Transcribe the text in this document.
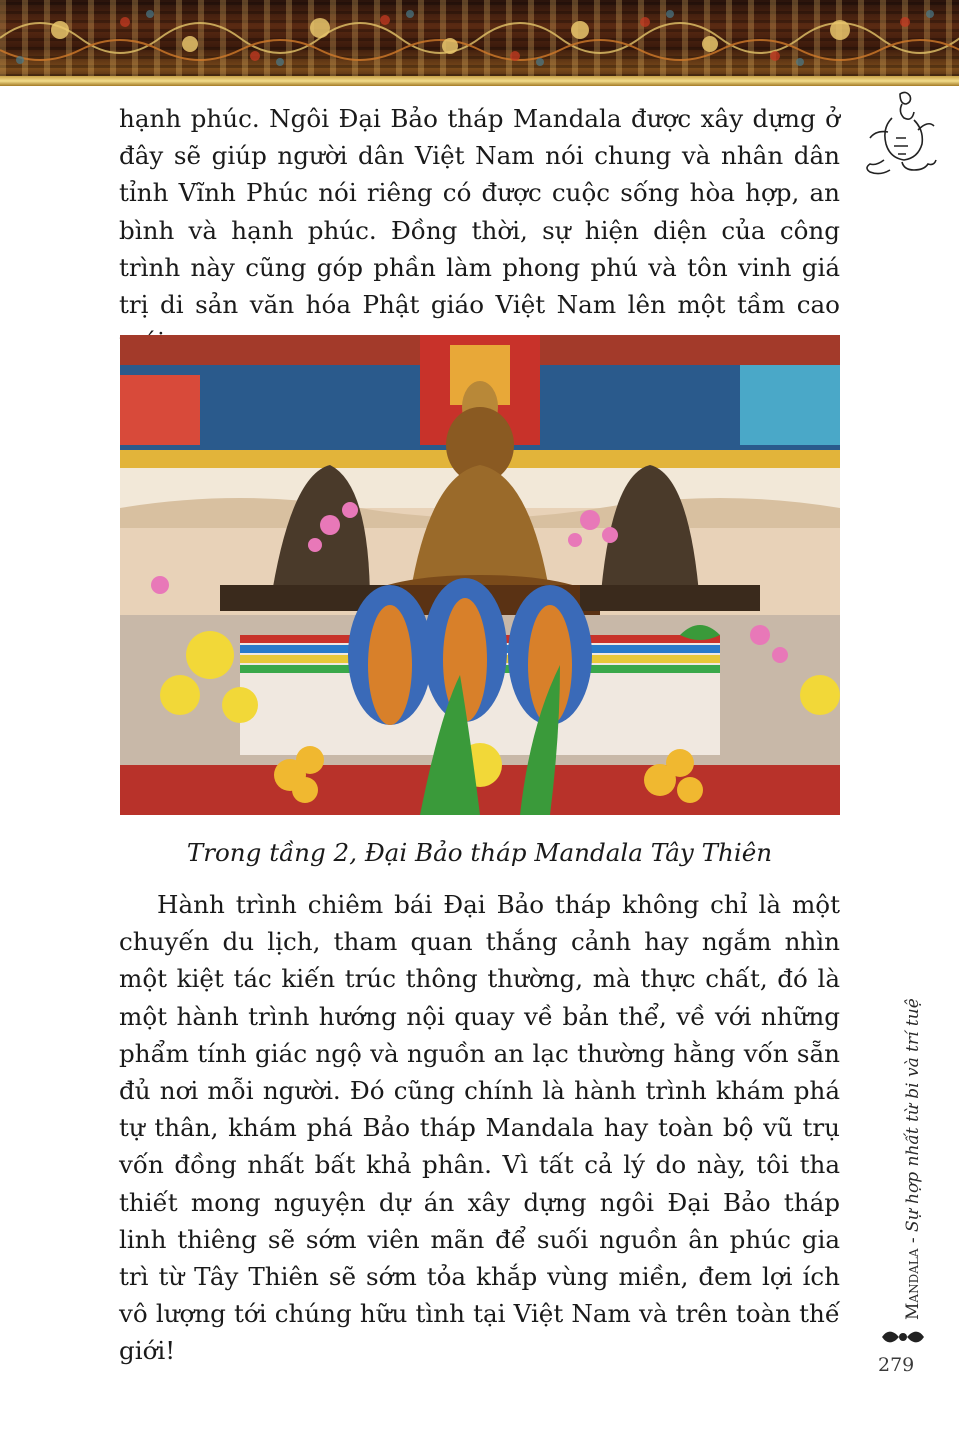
hạnh phúc. Ngôi Đại Bảo tháp Mandala được xây dựng ở đây sẽ giúp người dân Việt Nam nói chung và nhân dân tỉnh Vĩnh Phúc nói riêng có được cuộc sống hòa hợp, an bình và hạnh phúc. Đồng thời, sự hiện diện của công trình này cũng góp phần làm phong phú và tôn vinh giá trị di sản văn hóa Phật giáo Việt Nam lên một tầm cao

Trong tầng 2, Đại Bảo tháp Mandala Tây Thiên

Hành trình chiêm bái Đại Bảo tháp không chỉ là một chuyến du lịch, tham quan thắng cảnh hay ngắm nhìn một kiệt tác kiến trúc thông thường, mà thực chất, đó là một hành trình hướng nội quay về bản thể, về với những phẩm tính giác ngộ và nguồn an lạc thường hằng vốn sẵn đủ nơi mỗi người. Đó cũng chính là hành trình khám phá tự thân, khám phá Bảo tháp Mandala hay toàn bộ vũ trụ vốn đồng nhất bất khả phân. Vì tất cả lý do này, tôi tha thiết mong nguyện dự án xây dựng ngôi Đại Bảo tháp linh thiêng sẽ sớm viên mãn để suối nguồn ân phúc gia trì từ Tây Thiên sẽ sớm tỏa khắp vùng miền, đem lợi ích vô lượng tới chúng hữu tình tại Việt Nam và trên toàn thế giới!

Mandala - Sự hợp nhất từ bi và trí tuệ
279
